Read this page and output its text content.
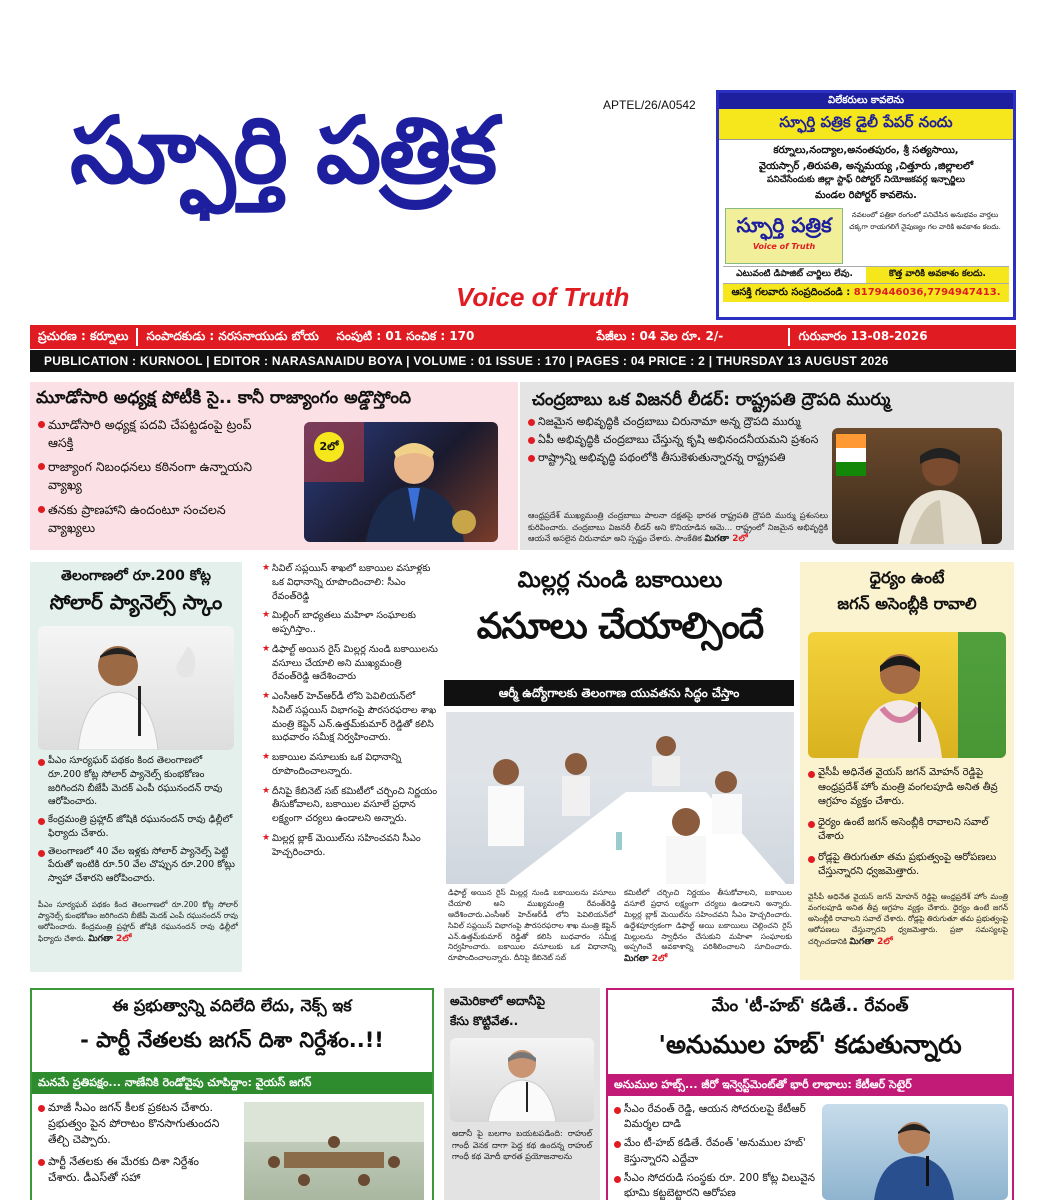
స్ఫూర్తి పత్రిక	APTEL/26/A0542
Voice of Truth
విలేకరులు కావలెను
స్ఫూర్తి పత్రిక డైలీ పేపర్ నందు
కర్నూలు,నంద్యాల,అనంతపురం, శ్రీ సత్యసాయి,
వైయస్సార్ ,తిరుపతి, అన్నమయ్య ,చిత్తూరు ,జిల్లాలలో
పనిచేసేందుకు జిల్లా స్టాఫ్ రిపోర్టర్ నియోజకవర్గ ఇన్చార్జిలు
మండల రిపోర్టర్ కావలెను.
స్ఫూర్తి పత్రిక
Voice of Truth
నవలంలో పత్రికా రంగంలో పనిచేసిన అనుభవం వార్తలు చక్కగా రాయగలిగే నైపుణ్యం గల వారికి అవకాశం కలదు.
ఎటువంటి డిపాజిట్ చార్జిలు లేవు.	కొత్త వారికి అవకాశం కలదు.
ఆసక్తి గలవారు సంప్రదించండి : 8179446036,7794947413.
ప్రచురణ : కర్నూలు	సంపాదకుడు : నరసనాయుడు బోయ	సంపుటి : 01 సంచిక : 170	పేజీలు : 04 వెల రూ. 2/-	గురువారం 13-08-2026
PUBLICATION : KURNOOL | EDITOR : NARASANAIDU BOYA | VOLUME : 01 ISSUE : 170 | PAGES : 04 PRICE : 2 | THURSDAY 13 AUGUST 2026
మూడోసారి అధ్యక్ష పోటీకి సై.. కానీ రాజ్యాంగం అడ్డొస్తోంది
మూడోసారి అధ్యక్ష పదవి చేపట్టడంపై ట్రంప్ ఆసక్తి
రాజ్యాంగ నిబంధనలు కఠినంగా ఉన్నాయని వ్యాఖ్య
తనకు ప్రాణహాని ఉందంటూ సంచలన వ్యాఖ్యలు
2లో
చంద్రబాబు ఒక విజనరీ లీడర్: రాష్ట్రపతి ద్రౌపది ముర్ము
నిజమైన అభివృద్ధికి చంద్రబాబు చిరునామా అన్న ద్రౌపది ముర్ము
ఏపీ అభివృద్ధికి చంద్రబాబు చేస్తున్న కృషి అభినందనీయమని ప్రశంస
రాష్ట్రాన్ని అభివృద్ధి పథంలోకి తీసుకెళుతున్నారన్న రాష్ట్రపతి
ఆంధ్రప్రదేశ్ ముఖ్యమంత్రి చంద్రబాబు పాలనా దక్షతపై భారత రాష్ట్రపతి ద్రౌపది ముర్ము ప్రశంసలు కురిపించారు. చంద్రబాబు విజనరీ లీడర్ అని కొనియాడిన ఆమె... రాష్ట్రంలో నిజమైన అభివృద్ధికి ఆయనే అసలైన చిరునామా అని స్పష్టం చేశారు. సాంకేతిక మిగతా 2లో
తెలంగాణలో రూ.200 కోట్ల
సోలార్ ప్యానెల్స్ స్కాం
పీఎం సూర్యఘర్ పథకం కింద తెలంగాణలో రూ.200 కోట్ల సోలార్ ప్యానెల్స్ కుంభకోణం జరిగిందని బీజేపీ మెదక్ ఎంపీ రఘునందన్ రావు ఆరోపించారు.
కేంద్రమంత్రి ప్రహ్లాద్ జోషికి రఘునందన్ రావు ఢిల్లీలో ఫిర్యాదు చేశారు.
తెలంగాణలో 40 వేల ఇళ్లకు సోలార్ ప్యానెల్స్ పెట్టి పేరుతో ఇంటికి రూ.50 వేల చొప్పున రూ.200 కోట్లు స్వాహా చేశారని ఆరోపించారు.
పీఎం సూర్యఘర్ పథకం కింద తెలంగాణలో రూ.200 కోట్ల సోలార్ ప్యానెల్స్ కుంభకోణం జరిగిందని బీజేపీ మెదక్ ఎంపీ రఘునందన్ రావు ఆరోపించారు. కేంద్రమంత్రి ప్రహ్లాద్ జోషికి రఘునందన్ రావు ఢిల్లీలో ఫిర్యాదు చేశారు. మిగతా 2లో
★ సివిల్ సప్లయిస్ శాఖలో బకాయిల వసూళ్లకు ఒక విధానాన్ని రూపొందించాలి: సీఎం రేవంత్‌రెడ్డి
★ మిల్లింగ్ బాధ్యతలు మహిళా సంఘాలకు అప్పగిస్తాం..
★ డిఫాల్ట్ అయిన రైస్ మిల్లర్ల నుండి బకాయిలను వసూలు చేయాలి అని ముఖ్యమంత్రి రేవంత్‌రెడ్డి ఆదేశించారు
★ ఎంసీఆర్ హెచ్ఆర్‌డీ లోని పెవిలియన్‌లో సివిల్ సప్లయిస్ విభాగంపై పౌరసరఫరాల శాఖ మంత్రి కెప్టెన్ ఎన్.ఉత్తమ్‌కుమార్ రెడ్డితో కలిసి బుధవారం సమీక్ష నిర్వహించారు.
★ బకాయిల వసూలుకు ఒక విధానాన్ని రూపొందించాలన్నారు.
★ దీనిపై కేబినెట్ సబ్ కమిటీలో చర్చించి నిర్ణయం తీసుకోవాలని, బకాయిల వసూలే ప్రధాన లక్ష్యంగా చర్యలు ఉండాలని అన్నారు.
★ మిల్లర్ల బ్లాక్ మెయిల్‌ను సహించవని సీఎం హెచ్చరించారు.
మిల్లర్ల నుండి బకాయిలు
వసూలు చేయాల్సిందే
ఆర్మీ ఉద్యోగాలకు తెలంగాణ యువతను సిద్ధం చేస్తాం
డిఫాల్ట్ అయిన రైస్ మిల్లర్ల నుండి బకాయిలను వసూలు చేయాలి అని ముఖ్యమంత్రి రేవంత్‌రెడ్డి ఆదేశించారు.ఎంసీఆర్ హెచ్ఆర్‌డీ లోని పెవిలియన్‌లో సివిల్ సప్లయిస్ విభాగంపై పౌరసరఫరాల శాఖ మంత్రి కెప్టెన్ ఎన్.ఉత్తమ్‌కుమార్ రెడ్డితో కలిసి బుధవారం సమీక్ష నిర్వహించారు. బకాయిల వసూలుకు ఒక విధానాన్ని రూపొందించాలన్నారు. దీనిపై కేబినెట్ సబ్
కమిటీలో చర్చించి నిర్ణయం తీసుకోవాలని, బకాయిల వసూలే ప్రధాన లక్ష్యంగా చర్యలు ఉండాలని అన్నారు. మిల్లర్ల బ్లాక్ మెయిల్‌ను సహించవని సీఎం హెచ్చరించారు. ఉద్దేశపూర్వకంగా డిఫాల్ట్ అయి బకాయిలు చెల్లించని రైస్ మిల్లులను స్వాధీనం చేసుకుని మహిళా సంఘాలకు అప్పగించే అవకాశాన్ని పరిశీలించాలని సూచించారు. మిగతా 2లో
ధైర్యం ఉంటే
జగన్ అసెంబ్లీకి రావాలి
వైసీపీ అధినేత వైయస్ జగన్ మోహన్ రెడ్డిపై ఆంధ్రప్రదేశ్ హోం మంత్రి వంగలపూడి అనిత తీవ్ర ఆగ్రహం వ్యక్తం చేశారు.
ధైర్యం ఉంటే జగన్ అసెంబ్లీకి రావాలని సవాల్ చేశారు
రోడ్లపై తిరుగుతూ తమ ప్రభుత్వంపై ఆరోపణలు చేస్తున్నారని ధ్వజమెత్తారు.
వైసీపీ అధినేత వైయస్ జగన్ మోహన్ రెడ్డిపై ఆంధ్రప్రదేశ్ హోం మంత్రి వంగలపూడి అనిత తీవ్ర ఆగ్రహం వ్యక్తం చేశారు. ధైర్యం ఉంటే జగన్ అసెంబ్లీకి రావాలని సవాల్ చేశారు. రోడ్లపై తిరుగుతూ తమ ప్రభుత్వంపై ఆరోపణలు చేస్తున్నారని ధ్వజమెత్తారు. ప్రజా సమస్యలపై చర్చించడానికి మిగతా 2లో
ఈ ప్రభుత్వాన్ని వదిలేది లేదు, నెక్స్ ఇక
- పార్టీ నేతలకు జగన్ దిశా నిర్దేశం..!!
మనమే ప్రతిపక్షం... నాణేనికి రెండోవైపు చూపిద్దాం: వైయస్ జగన్
మాజీ సీఎం జగన్ కీలక ప్రకటన చేశారు. ప్రభుత్వం పైన పోరాటం కొనసాగుతుందని తేల్చి చెప్పారు.
పార్టీ నేతలకు ఈ మేరకు దిశా నిర్దేశం చేశారు. డీఎస్‌తో సహా
అమెరికాలో అదానీపై
కేసు కొట్టివేత..
అదానీ పై బలగాం బయటపడింది: రాహుల్ గాంధీ వెనక దాగా పెద్ద కథ ఉందన్న రాహుల్ గాంధీ కథ మోదీ భారత ప్రయోజనాలను
మేం 'టీ-హబ్' కడితే.. రేవంత్
'అనుముల హబ్' కడుతున్నారు
అనుముల హబ్స్... జీరో ఇన్వెస్ట్‌మెంట్‌తో భారీ లాభాలు: కేటీఆర్ సెటైర్
సీఎం రేవంత్ రెడ్డి, ఆయన సోదరులపై కేటీఆర్ విమర్శల దాడి
మేం టీ-హబ్ కడితే. రేవంత్ 'అనుముల హబ్' కెస్తున్నారని ఎద్దేవా
సీఎం సోదరుడి సంస్థకు రూ. 200 కోట్ల విలువైన భూమి కట్టబెట్టారని ఆరోపణ
